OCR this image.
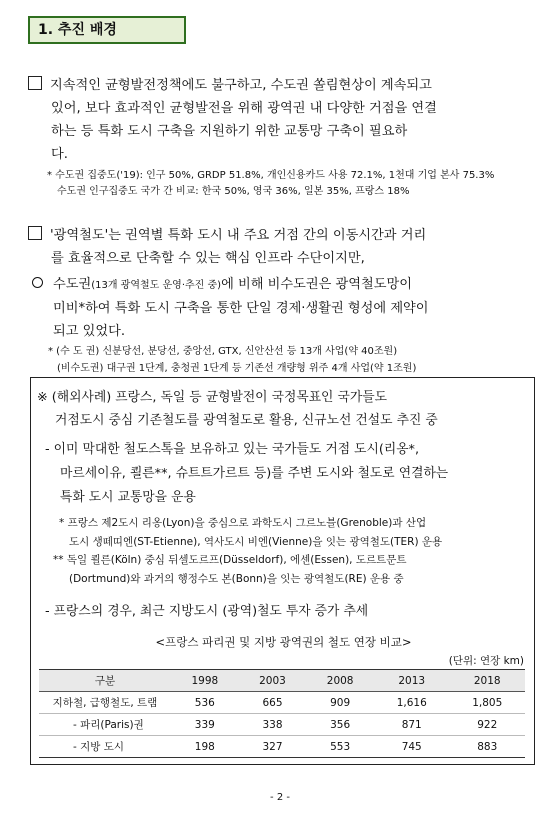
1. 추진 배경
지속적인 균형발전정책에도 불구하고, 수도권 쏠림현상이 계속되고
있어, 보다 효과적인 균형발전을 위해 광역권 내 다양한 거점을 연결
하는 등 특화 도시 구축을 지원하기 위한 교통망 구축이 필요하
다.
* 수도권 집중도('19): 인구 50%, GRDP 51.8%, 개인신용카드 사용 72.1%, 1천대 기업 본사 75.3%
수도권 인구집중도 국가 간 비교: 한국 50%, 영국 36%, 일본 35%, 프랑스 18%
'광역철도'는 권역별 특화 도시 내 주요 거점 간의 이동시간과 거리
를 효율적으로 단축할 수 있는 핵심 인프라 수단이지만,
수도권(13개 광역철도 운영·추진 중)에 비해 비수도권은 광역철도망이
미비*하여 특화 도시 구축을 통한 단일 경제·생활권 형성에 제약이
되고 있었다.
* (수 도 권) 신분당선, 분당선, 중앙선, GTX, 신안산선 등 13개 사업(약 40조원)
(비수도권) 대구권 1단계, 충청권 1단계 등 기존선 개량형 위주 4개 사업(약 1조원)
※ (해외사례) 프랑스, 독일 등 균형발전이 국정목표인 국가들도
거점도시 중심 기존철도를 광역철도로 활용, 신규노선 건설도 추진 중
- 이미 막대한 철도스톡을 보유하고 있는 국가들도 거점 도시(리옹*,
마르세이유, 쾰른**, 슈트트가르트 등)를 주변 도시와 철도로 연결하는
특화 도시 교통망을 운용
* 프랑스 제2도시 리옹(Lyon)을 중심으로 과학도시 그르노블(Grenoble)과 산업
도시 생떼띠엔(ST-Etienne), 역사도시 비엔(Vienne)을 잇는 광역철도(TER) 운용
** 독일 쾰른(Köln) 중심 뒤셀도르프(Düsseldorf), 에센(Essen), 도르트문트
(Dortmund)와 과거의 행정수도 본(Bonn)을 잇는 광역철도(RE) 운용 중
- 프랑스의 경우, 최근 지방도시 (광역)철도 투자 증가 추세
<프랑스 파리권 및 지방 광역권의 철도 연장 비교>
(단위: 연장 km)
구분	1998	2003	2008	2013	2018
지하철, 급행철도, 트램	536	665	909	1,616	1,805
- 파리(Paris)권	339	338	356	871	922
- 지방 도시	198	327	553	745	883
- 2 -
